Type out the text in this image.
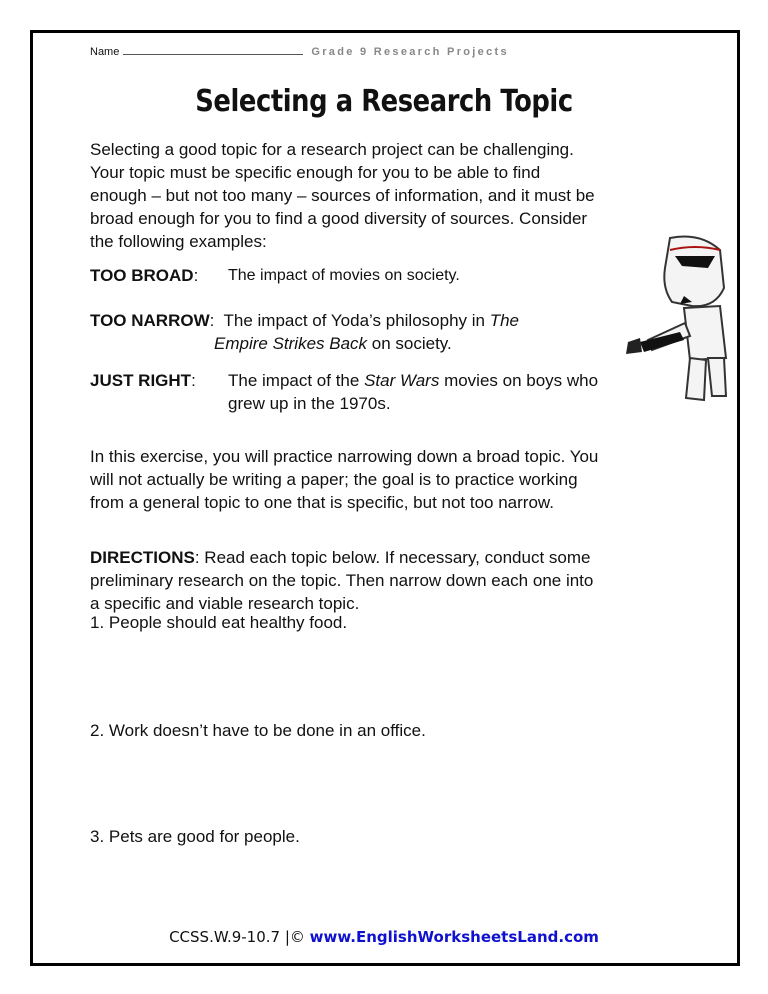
Name	Grade 9 Research Projects
Selecting a Research Topic
Selecting a good topic for a research project can be challenging.
Your topic must be specific enough for you to be able to find
enough – but not too many – sources of information, and it must be
broad enough for you to find a good diversity of sources. Consider
the following examples:
TOO BROAD: The impact of movies on society.
TOO NARROW:  The impact of Yoda’s philosophy in The
Empire Strikes Back on society.
JUST RIGHT: The impact of the Star Wars movies on boys who
grew up in the 1970s.
In this exercise, you will practice narrowing down a broad topic. You
will not actually be writing a paper; the goal is to practice working
from a general topic to one that is specific, but not too narrow.
DIRECTIONS: Read each topic below. If necessary, conduct some
preliminary research on the topic. Then narrow down each one into
a specific and viable research topic.
1. People should eat healthy food.
2. Work doesn’t have to be done in an office.
3. Pets are good for people.
CCSS.W.9-10.7 |© www.EnglishWorksheetsLand.com
